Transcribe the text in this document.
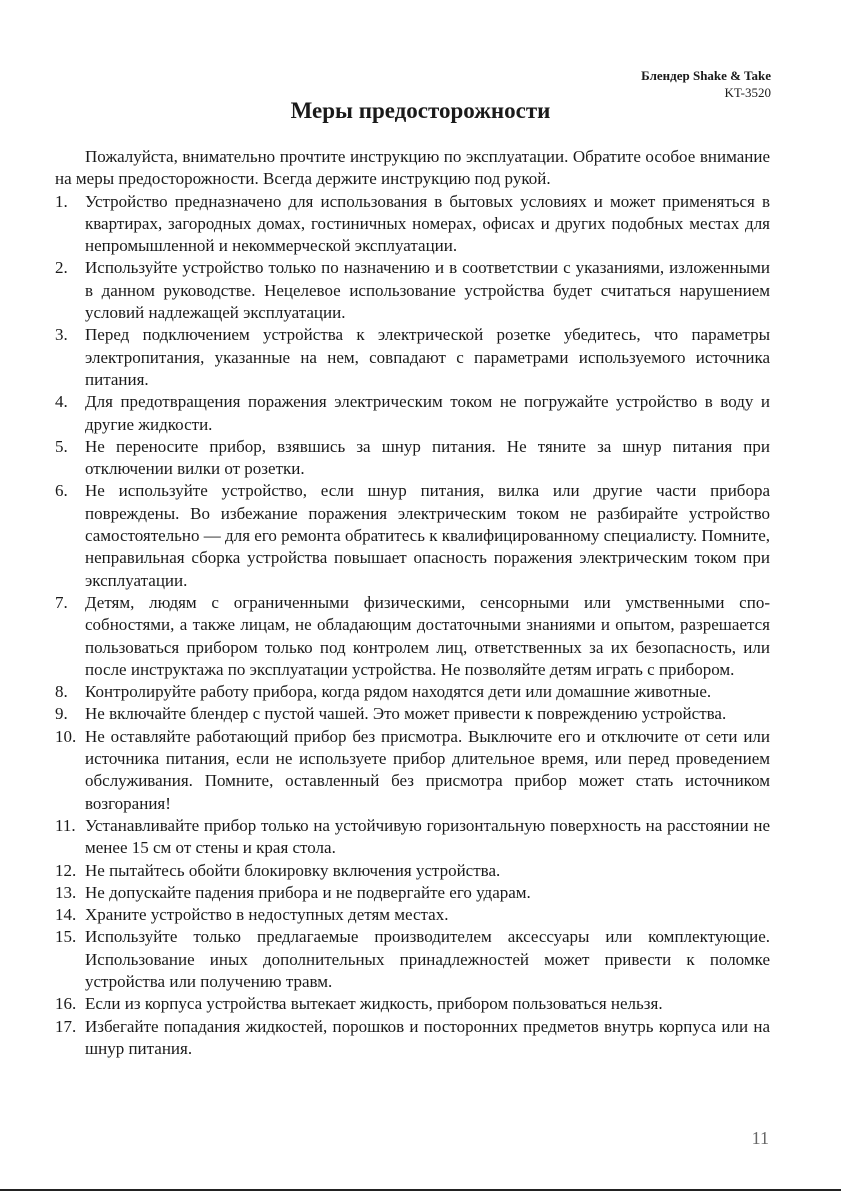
Блендер Shake & Take
KT-3520
Меры предосторожности

Пожалуйста, внимательно прочтите инструкцию по эксплуатации. Обратите особое внимание на меры предосторожности. Всегда держите инструкцию под рукой.

1.	Устройство предназначено для использования в бытовых условиях и может применяться в квартирах, загородных домах, гостиничных номерах, офисах и других подобных местах для непромышленной и некоммерческой эксплуатации.
2.	Используйте устройство только по назначению и в соответствии с указаниями, изложенными в данном руководстве. Нецелевое использование устройства будет считаться нарушением условий надлежащей эксплуатации.
3.	Перед подключением устройства к электрической розетке убедитесь, что параметры электропитания, указанные на нем, совпадают с параметрами используемого источника питания.
4.	Для предотвращения поражения электрическим током не погружайте устройство в воду и другие жидкости.
5.	Не переносите прибор, взявшись за шнур питания. Не тяните за шнур питания при отключении вилки от розетки.
6.	Не используйте устройство, если шнур питания, вилка или другие части прибора повреждены. Во избежание поражения электрическим током не разбирайте устройство самостоятельно — для его ремонта обратитесь к квалифицированному специалисту. Помните, неправильная сборка устройства повышает опасность поражения электрическим током при эксплуатации.
7.	Детям, людям с ограниченными физическими, сенсорными или умственными способностями, а также лицам, не обладающим достаточными знаниями и опытом, разрешается пользоваться прибором только под контролем лиц, ответственных за их безопасность, или после инструктажа по эксплуатации устройства. Не позволяйте детям играть с прибором.
8.	Контролируйте работу прибора, когда рядом находятся дети или домашние животные.
9.	Не включайте блендер с пустой чашей. Это может привести к повреждению устройства.
10. Не оставляйте работающий прибор без присмотра. Выключите его и отключите от сети или источника питания, если не используете прибор длительное время, или перед проведением обслуживания. Помните, оставленный без присмотра прибор может стать источником возгорания!
11. Устанавливайте прибор только на устойчивую горизонтальную поверхность на расстоянии не менее 15 см от стены и края стола.
12. Не пытайтесь обойти блокировку включения устройства.
13. Не допускайте падения прибора и не подвергайте его ударам.
14. Храните устройство в недоступных детям местах.
15. Используйте только предлагаемые производителем аксессуары или комплектующие. Использование иных дополнительных принадлежностей может привести к поломке устройства или получению травм.
16. Если из корпуса устройства вытекает жидкость, прибором пользоваться нельзя.
17. Избегайте попадания жидкостей, порошков и посторонних предметов внутрь корпуса или на шнур питания.
11
